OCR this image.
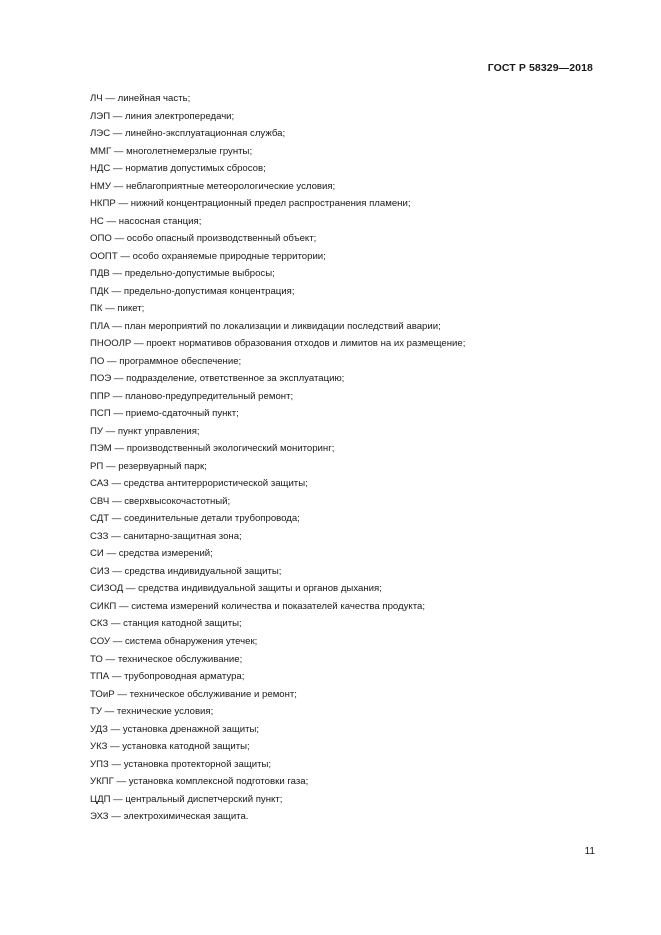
ГОСТ Р 58329—2018
ЛЧ — линейная часть;
ЛЭП — линия электропередачи;
ЛЭС — линейно-эксплуатационная служба;
ММГ — многолетнемерзлые грунты;
НДС — норматив допустимых сбросов;
НМУ — неблагоприятные метеорологические условия;
НКПР — нижний концентрационный предел распространения пламени;
НС — насосная станция;
ОПО — особо опасный производственный объект;
ООПТ — особо охраняемые природные территории;
ПДВ — предельно-допустимые выбросы;
ПДК — предельно-допустимая концентрация;
ПК — пикет;
ПЛА — план мероприятий по локализации и ликвидации последствий аварии;
ПНООЛР — проект нормативов образования отходов и лимитов на их размещение;
ПО — программное обеспечение;
ПОЭ — подразделение, ответственное за эксплуатацию;
ППР — планово-предупредительный ремонт;
ПСП — приемо-сдаточный пункт;
ПУ — пункт управления;
ПЭМ — производственный экологический мониторинг;
РП — резервуарный парк;
САЗ — средства антитеррористической защиты;
СВЧ — сверхвысокочастотный;
СДТ — соединительные детали трубопровода;
СЗЗ — санитарно-защитная зона;
СИ — средства измерений;
СИЗ — средства индивидуальной защиты;
СИЗОД — средства индивидуальной защиты и органов дыхания;
СИКП — система измерений количества и показателей качества продукта;
СКЗ — станция катодной защиты;
СОУ — система обнаружения утечек;
ТО — техническое обслуживание;
ТПА — трубопроводная арматура;
ТОиР — техническое обслуживание и ремонт;
ТУ — технические условия;
УДЗ — установка дренажной защиты;
УКЗ — установка катодной защиты;
УПЗ — установка протекторной защиты;
УКПГ — установка комплексной подготовки газа;
ЦДП — центральный диспетчерский пункт;
ЭХЗ — электрохимическая защита.
11
